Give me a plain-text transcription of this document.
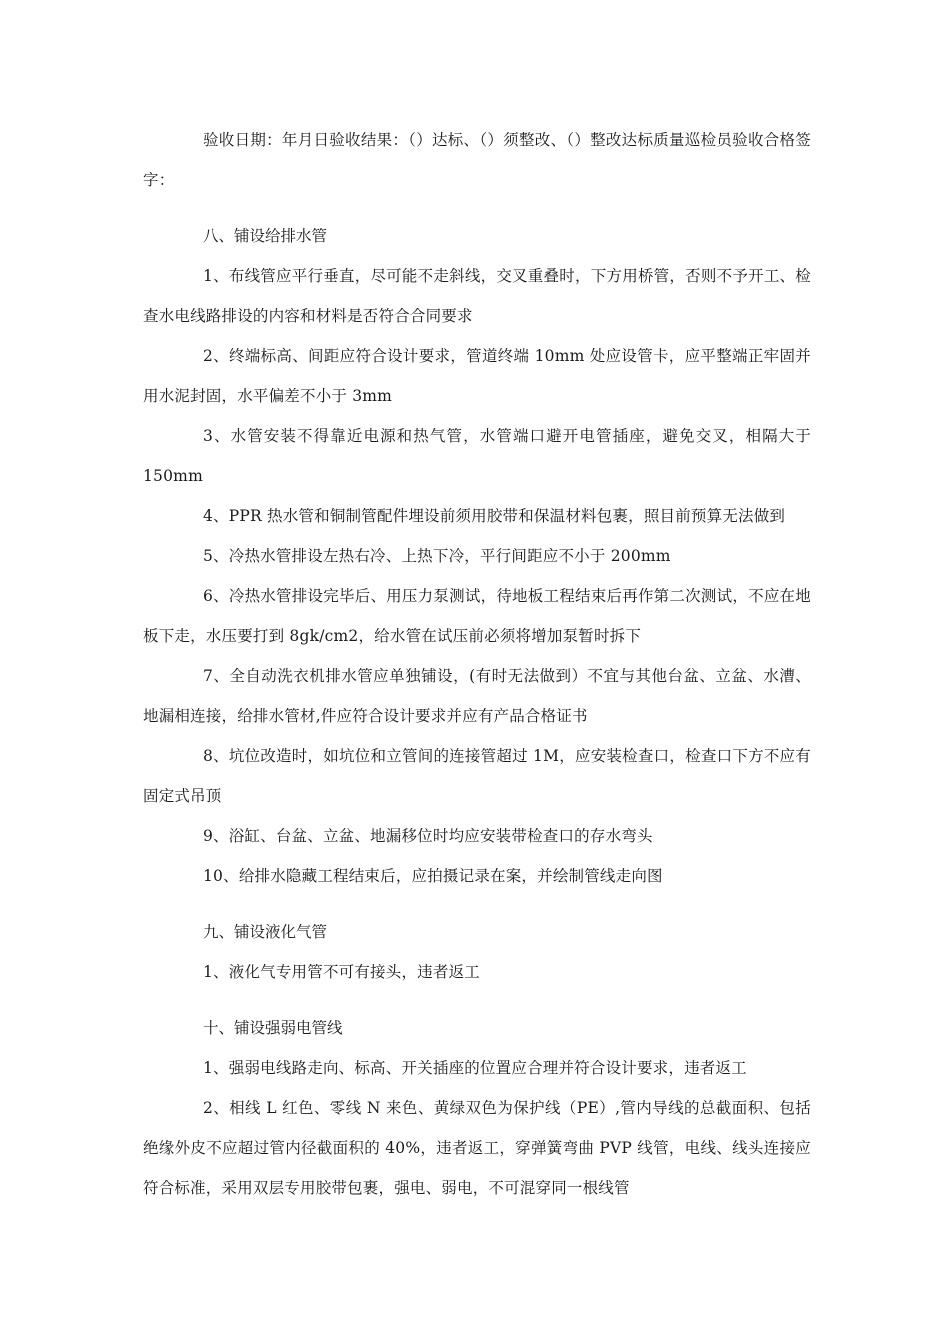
验收日期：年月日验收结果：（）达标、（）须整改、（）整改达标质量巡检员验收合格签字：

八、铺设给排水管

1、布线管应平行垂直，尽可能不走斜线，交叉重叠时，下方用桥管，否则不予开工、检查水电线路排设的内容和材料是否符合合同要求

2、终端标高、间距应符合设计要求，管道终端 10mm 处应设管卡，应平整端正牢固并用水泥封固，水平偏差不小于 3mm

3、水管安装不得靠近电源和热气管，水管端口避开电管插座，避免交叉，相隔大于150mm

4、PPR 热水管和铜制管配件埋设前须用胶带和保温材料包裹，照目前预算无法做到

5、冷热水管排设左热右冷、上热下冷，平行间距应不小于 200mm

6、冷热水管排设完毕后、用压力泵测试，待地板工程结束后再作第二次测试，不应在地板下走，水压要打到 8gk/cm2，给水管在试压前必须将增加泵暂时拆下

7、全自动洗衣机排水管应单独铺设，(有时无法做到）不宜与其他台盆、立盆、水漕、地漏相连接，给排水管材,件应符合设计要求并应有产品合格证书

8、坑位改造时，如坑位和立管间的连接管超过 1M，应安装检查口，检查口下方不应有固定式吊顶

9、浴缸、台盆、立盆、地漏移位时均应安装带检查口的存水弯头

10、给排水隐藏工程结束后，应拍摄记录在案，并绘制管线走向图

九、铺设液化气管

1、液化气专用管不可有接头，违者返工

十、铺设强弱电管线

1、强弱电线路走向、标高、开关插座的位置应合理并符合设计要求，违者返工

2、相线 L 红色、零线 N 来色、黄绿双色为保护线（PE）,管内导线的总截面积、包括绝缘外皮不应超过管内径截面积的 40%，违者返工，穿弹簧弯曲 PVP 线管，电线、线头连接应符合标准，采用双层专用胶带包裹，强电、弱电，不可混穿同一根线管
